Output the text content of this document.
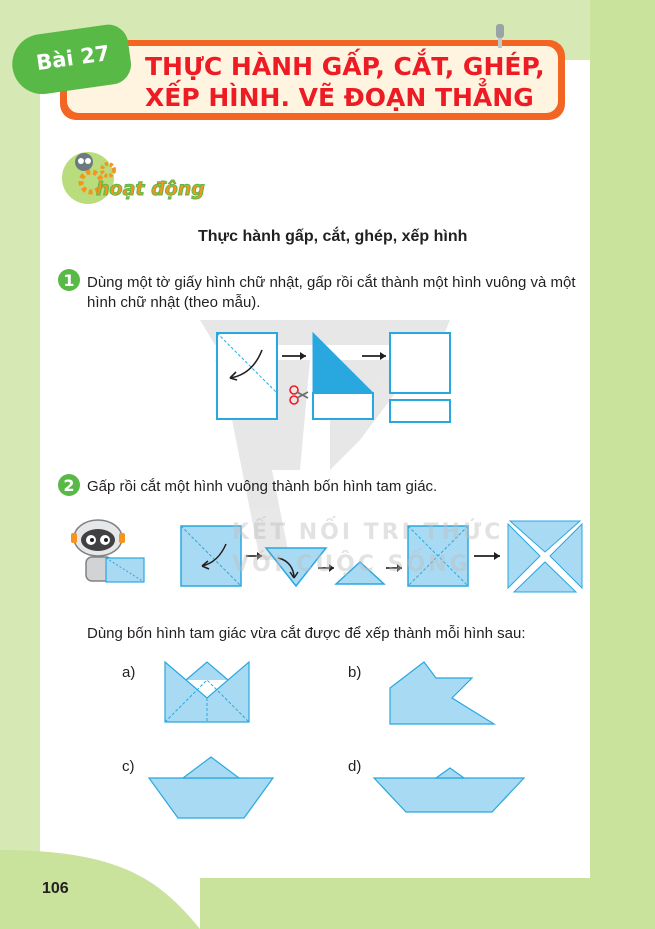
THỰC HÀNH GẤP, CẮT, GHÉP,
XẾP HÌNH. VẼ ĐOẠN THẲNG
Bài 27
hoạt động
Thực hành gấp, cắt, ghép, xếp hình
1 Dùng một tờ giấy hình chữ nhật, gấp rồi cắt thành một hình vuông và một
hình chữ nhật (theo mẫu).
2 Gấp rồi cắt một hình vuông thành bốn hình tam giác.
KẾT NỐI TRI THỨC
VỚI CUỘC SỐNG
Dùng bốn hình tam giác vừa cắt được để xếp thành mỗi hình sau:
a)	b)
c)	d)
106
